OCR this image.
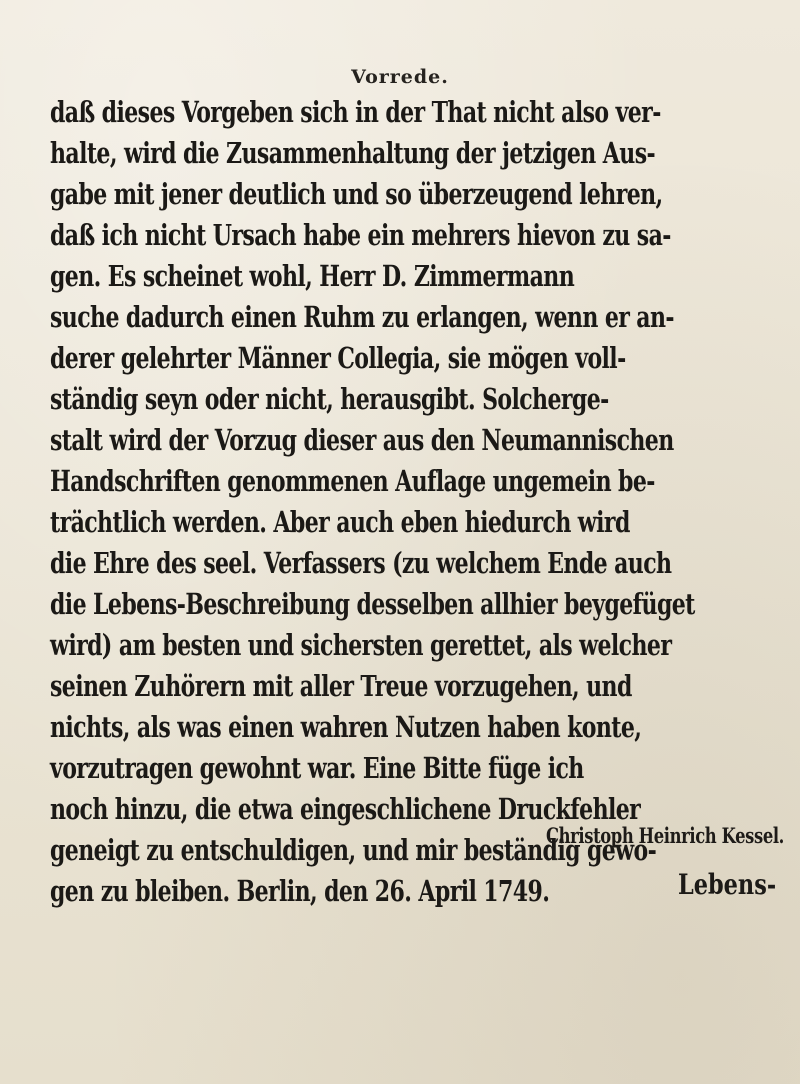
Vorrede.
daß dieses Vorgeben sich in der That nicht also ver-
halte, wird die Zusammenhaltung der jetzigen Aus-
gabe mit jener deutlich und so überzeugend lehren,
daß ich nicht Ursach habe ein mehrers hievon zu sa-
gen. Es scheinet wohl, Herr D. Zimmermann
suche dadurch einen Ruhm zu erlangen, wenn er an-
derer gelehrter Männer Collegia, sie mögen voll-
ständig seyn oder nicht, herausgibt. Solcherge-
stalt wird der Vorzug dieser aus den Neumannischen
Handschriften genommenen Auflage ungemein be-
trächtlich werden. Aber auch eben hiedurch wird
die Ehre des seel. Verfassers (zu welchem Ende auch
die Lebens-Beschreibung desselben allhier beygefüget
wird) am besten und sichersten gerettet, als welcher
seinen Zuhörern mit aller Treue vorzugehen, und
nichts, als was einen wahren Nutzen haben konte,
vorzutragen gewohnt war. Eine Bitte füge ich
noch hinzu, die etwa eingeschlichene Druckfehler
geneigt zu entschuldigen, und mir beständig gewo-
gen zu bleiben. Berlin, den 26. April 1749.
Christoph Heinrich Kessel.
Lebens-
